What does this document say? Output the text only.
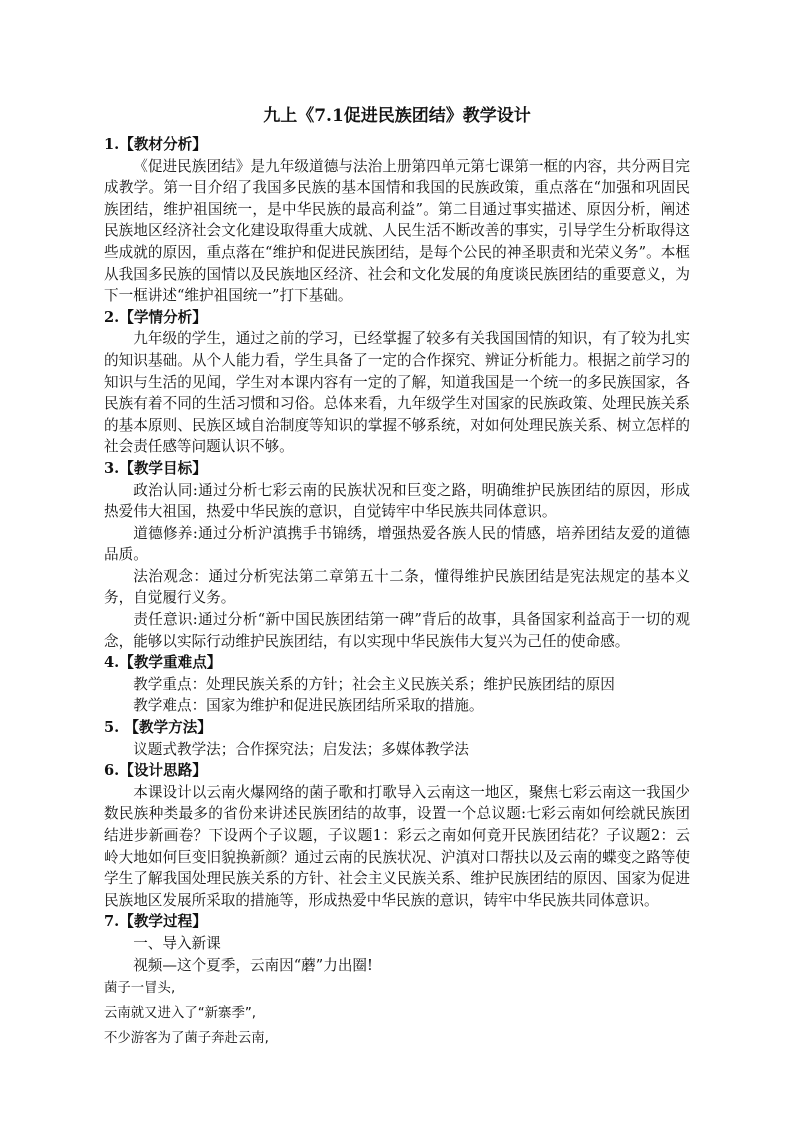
九上《7.1促进民族团结》教学设计

1.【教材分析】

《促进民族团结》是九年级道德与法治上册第四单元第七课第一框的内容，共分两目完成教学。第一目介绍了我国多民族的基本国情和我国的民族政策，重点落在“加强和巩固民族团结，维护祖国统一，是中华民族的最高利益”。第二目通过事实描述、原因分析，阐述民族地区经济社会文化建设取得重大成就、人民生活不断改善的事实，引导学生分析取得这些成就的原因，重点落在“维护和促进民族团结，是每个公民的神圣职责和光荣义务”。本框从我国多民族的国情以及民族地区经济、社会和文化发展的角度谈民族团结的重要意义，为下一框讲述“维护祖国统一”打下基础。

2.【学情分析】

九年级的学生，通过之前的学习，已经掌握了较多有关我国国情的知识，有了较为扎实的知识基础。从个人能力看，学生具备了一定的合作探究、辨证分析能力。根据之前学习的知识与生活的见闻，学生对本课内容有一定的了解，知道我国是一个统一的多民族国家，各民族有着不同的生活习惯和习俗。总体来看，九年级学生对国家的民族政策、处理民族关系的基本原则、民族区域自治制度等知识的掌握不够系统，对如何处理民族关系、树立怎样的社会责任感等问题认识不够。

3.【教学目标】

政治认同:通过分析七彩云南的民族状况和巨变之路，明确维护民族团结的原因，形成热爱伟大祖国，热爱中华民族的意识，自觉铸牢中华民族共同体意识。

道德修养:通过分析沪滇携手书锦绣，增强热爱各族人民的情感，培养团结友爱的道德品质。

法治观念：通过分析宪法第二章第五十二条，懂得维护民族团结是宪法规定的基本义务，自觉履行义务。

责任意识:通过分析“新中国民族团结第一碑”背后的故事，具备国家利益高于一切的观念，能够以实际行动维护民族团结，有以实现中华民族伟大复兴为己任的使命感。

4.【教学重难点】

教学重点：处理民族关系的方针；社会主义民族关系；维护民族团结的原因

教学难点：国家为维护和促进民族团结所采取的措施。

5. 【教学方法】

议题式教学法；合作探究法；启发法；多媒体教学法

6.【设计思路】

本课设计以云南火爆网络的菌子歌和打歌导入云南这一地区，聚焦七彩云南这一我国少数民族种类最多的省份来讲述民族团结的故事，设置一个总议题:七彩云南如何绘就民族团结进步新画卷？下设两个子议题，子议题1：彩云之南如何竟开民族团结花？子议题2：云岭大地如何巨变旧貌换新颜？通过云南的民族状况、沪滇对口帮扶以及云南的蝶变之路等使学生了解我国处理民族关系的方针、社会主义民族关系、维护民族团结的原因、国家为促进民族地区发展所采取的措施等，形成热爱中华民族的意识，铸牢中华民族共同体意识。

7.【教学过程】

一、导入新课

视频—这个夏季，云南因“蘑”力出圈!

菌子一冒头,

云南就又进入了“新寨季”,

不少游客为了菌子奔赴云南,
